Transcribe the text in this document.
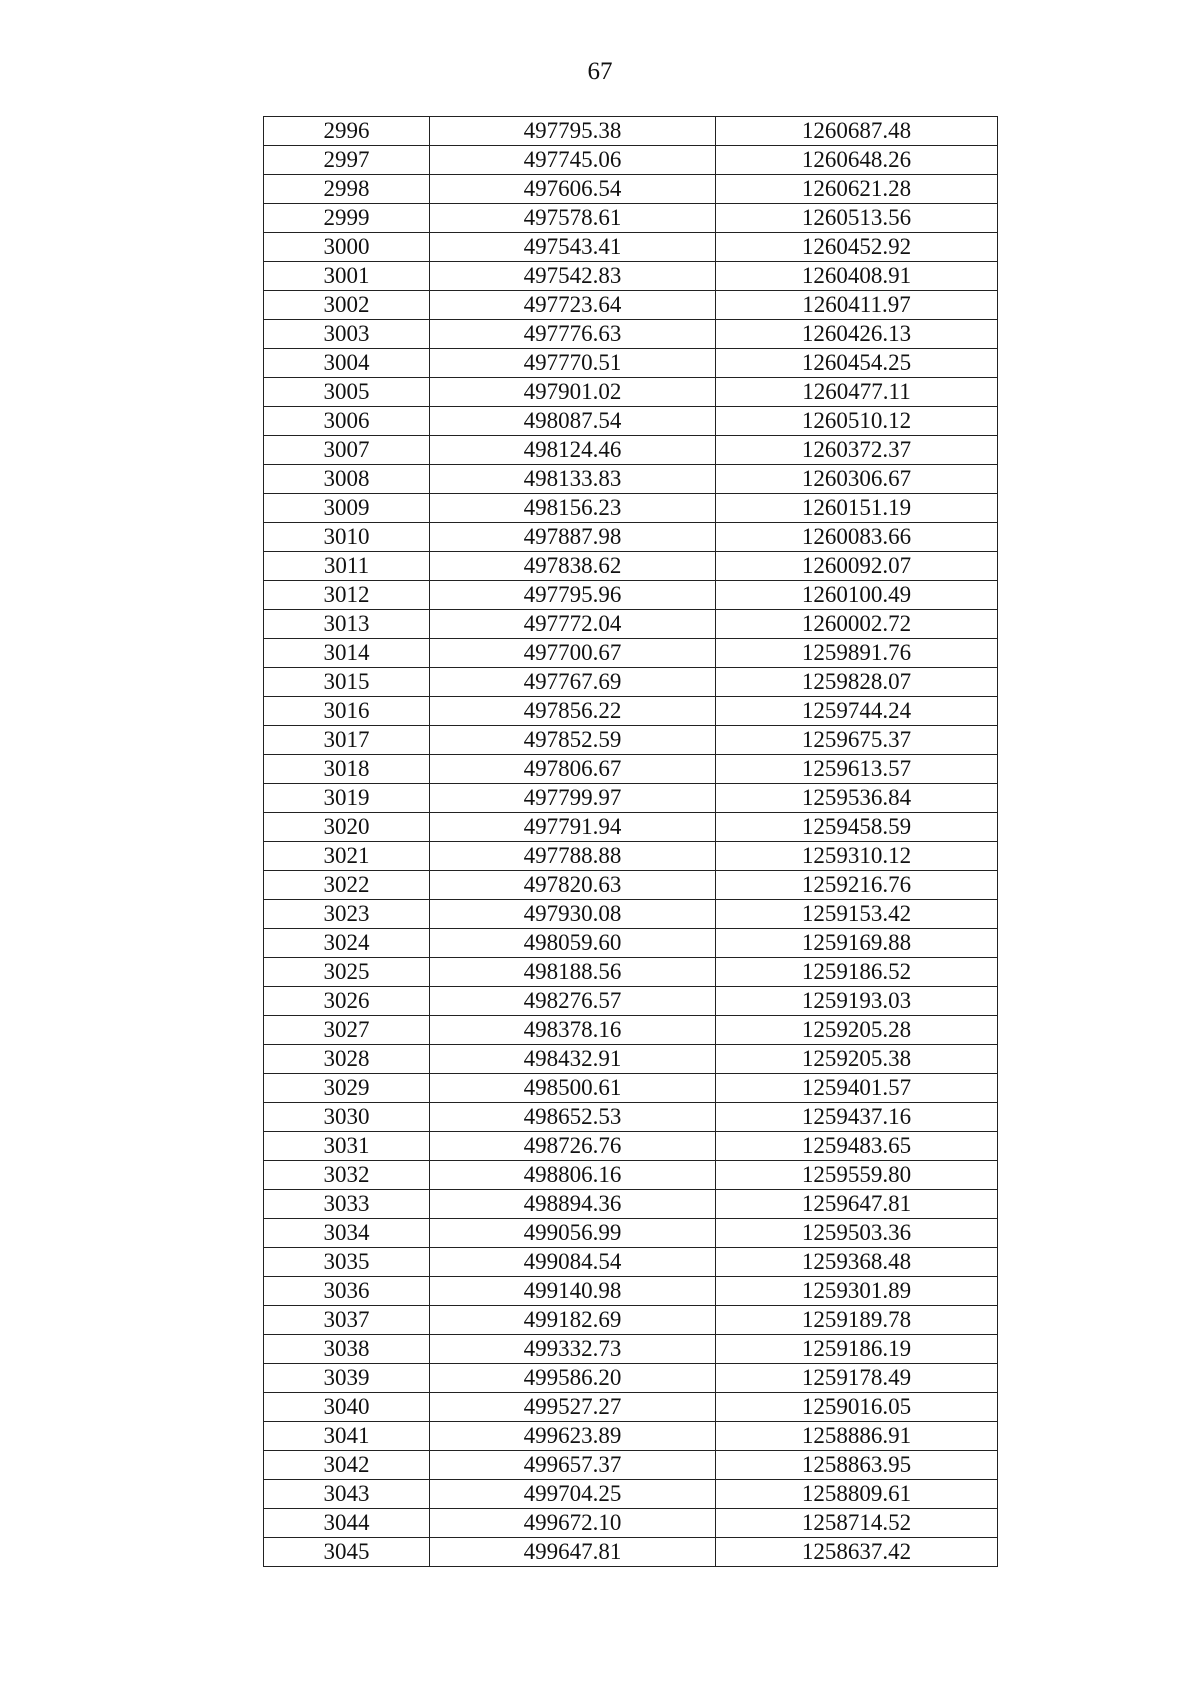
67
2996	497795.38	1260687.48
2997	497745.06	1260648.26
2998	497606.54	1260621.28
2999	497578.61	1260513.56
3000	497543.41	1260452.92
3001	497542.83	1260408.91
3002	497723.64	1260411.97
3003	497776.63	1260426.13
3004	497770.51	1260454.25
3005	497901.02	1260477.11
3006	498087.54	1260510.12
3007	498124.46	1260372.37
3008	498133.83	1260306.67
3009	498156.23	1260151.19
3010	497887.98	1260083.66
3011	497838.62	1260092.07
3012	497795.96	1260100.49
3013	497772.04	1260002.72
3014	497700.67	1259891.76
3015	497767.69	1259828.07
3016	497856.22	1259744.24
3017	497852.59	1259675.37
3018	497806.67	1259613.57
3019	497799.97	1259536.84
3020	497791.94	1259458.59
3021	497788.88	1259310.12
3022	497820.63	1259216.76
3023	497930.08	1259153.42
3024	498059.60	1259169.88
3025	498188.56	1259186.52
3026	498276.57	1259193.03
3027	498378.16	1259205.28
3028	498432.91	1259205.38
3029	498500.61	1259401.57
3030	498652.53	1259437.16
3031	498726.76	1259483.65
3032	498806.16	1259559.80
3033	498894.36	1259647.81
3034	499056.99	1259503.36
3035	499084.54	1259368.48
3036	499140.98	1259301.89
3037	499182.69	1259189.78
3038	499332.73	1259186.19
3039	499586.20	1259178.49
3040	499527.27	1259016.05
3041	499623.89	1258886.91
3042	499657.37	1258863.95
3043	499704.25	1258809.61
3044	499672.10	1258714.52
3045	499647.81	1258637.42
